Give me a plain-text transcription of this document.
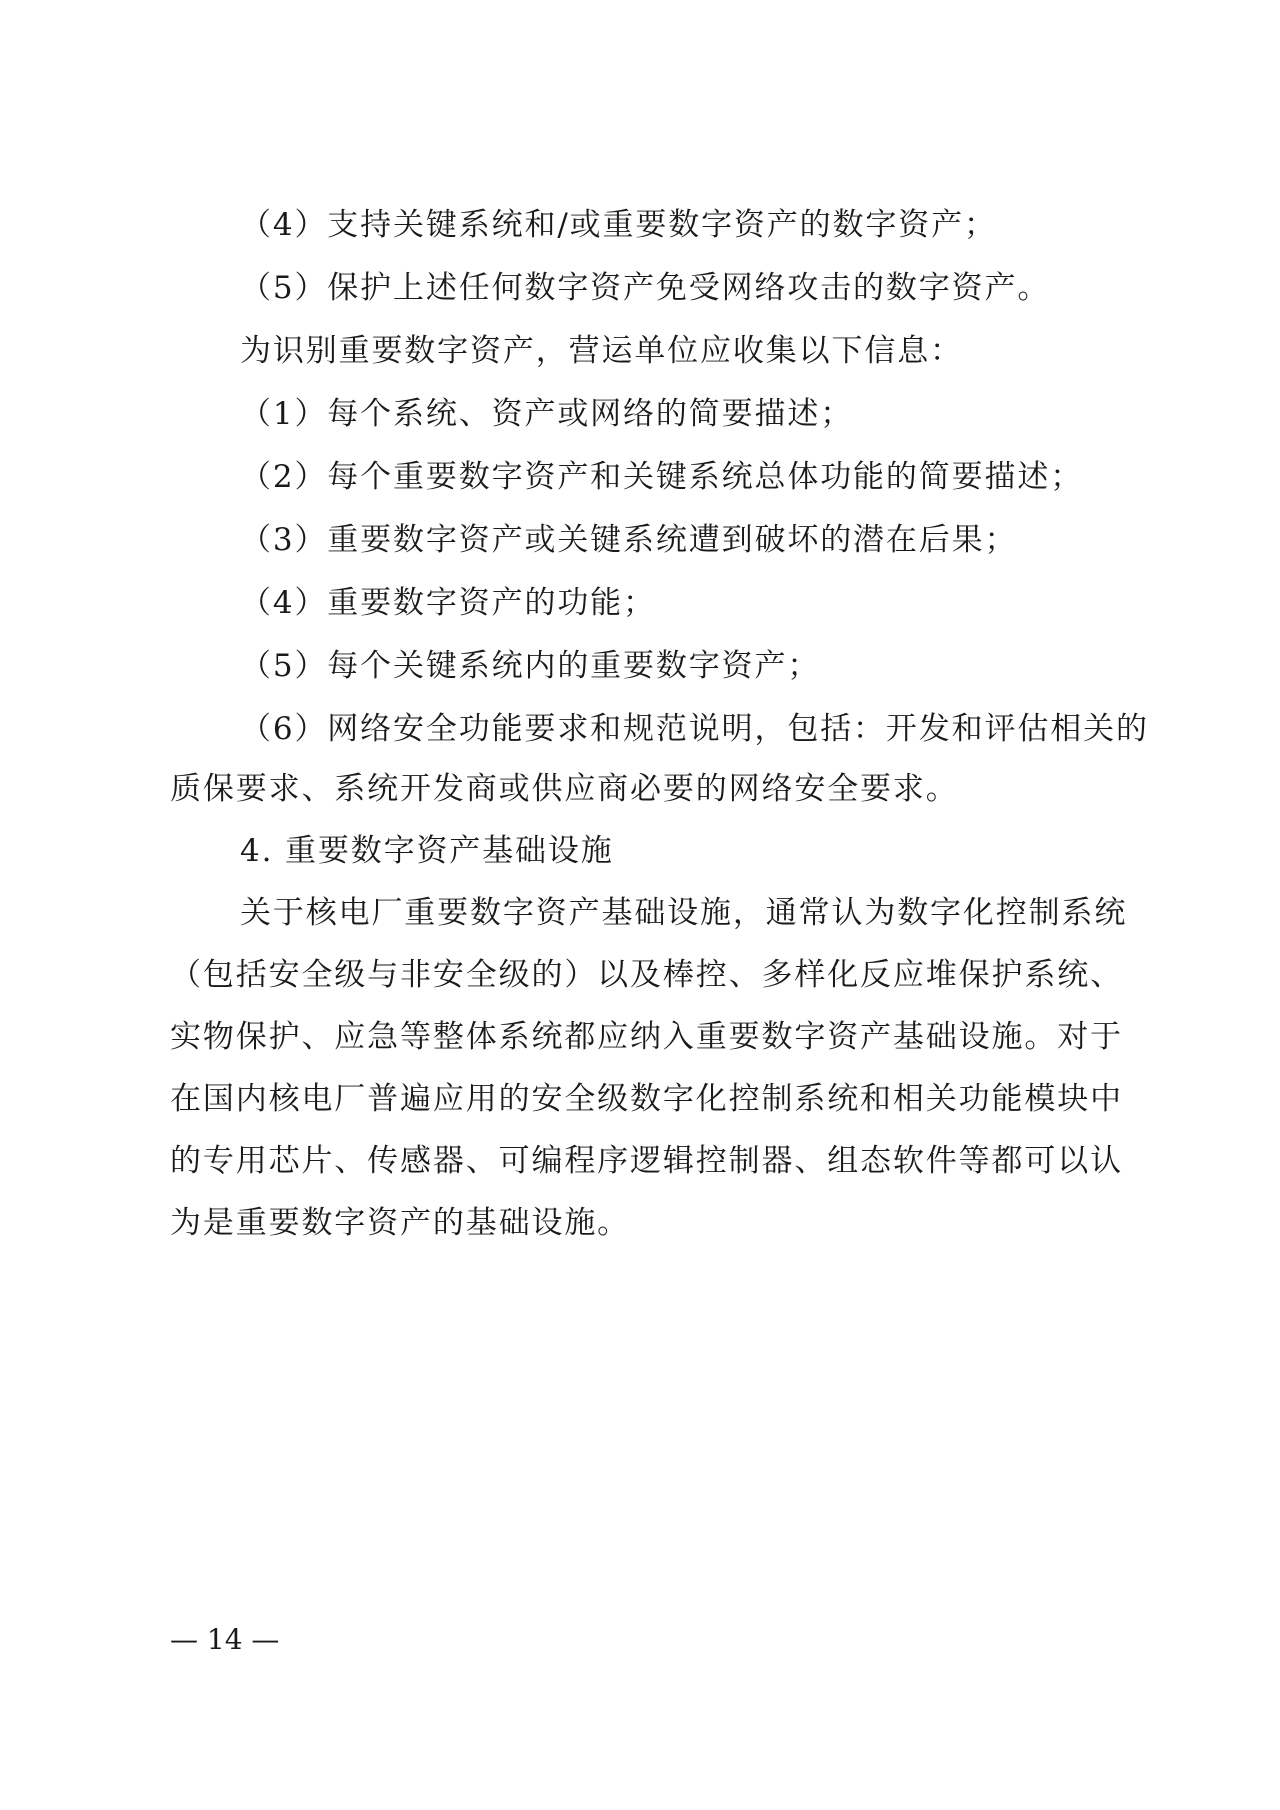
（4）支持关键系统和/或重要数字资产的数字资产；
（5）保护上述任何数字资产免受网络攻击的数字资产。
为识别重要数字资产，营运单位应收集以下信息：
（1）每个系统、资产或网络的简要描述；
（2）每个重要数字资产和关键系统总体功能的简要描述；
（3）重要数字资产或关键系统遭到破坏的潜在后果；
（4）重要数字资产的功能；
（5）每个关键系统内的重要数字资产；
（6）网络安全功能要求和规范说明，包括：开发和评估相关的
质保要求、系统开发商或供应商必要的网络安全要求。
4. 重要数字资产基础设施
关于核电厂重要数字资产基础设施，通常认为数字化控制系统
（包括安全级与非安全级的）以及棒控、多样化反应堆保护系统、
实物保护、应急等整体系统都应纳入重要数字资产基础设施。对于
在国内核电厂普遍应用的安全级数字化控制系统和相关功能模块中
的专用芯片、传感器、可编程序逻辑控制器、组态软件等都可以认
为是重要数字资产的基础设施。
— 14 —
